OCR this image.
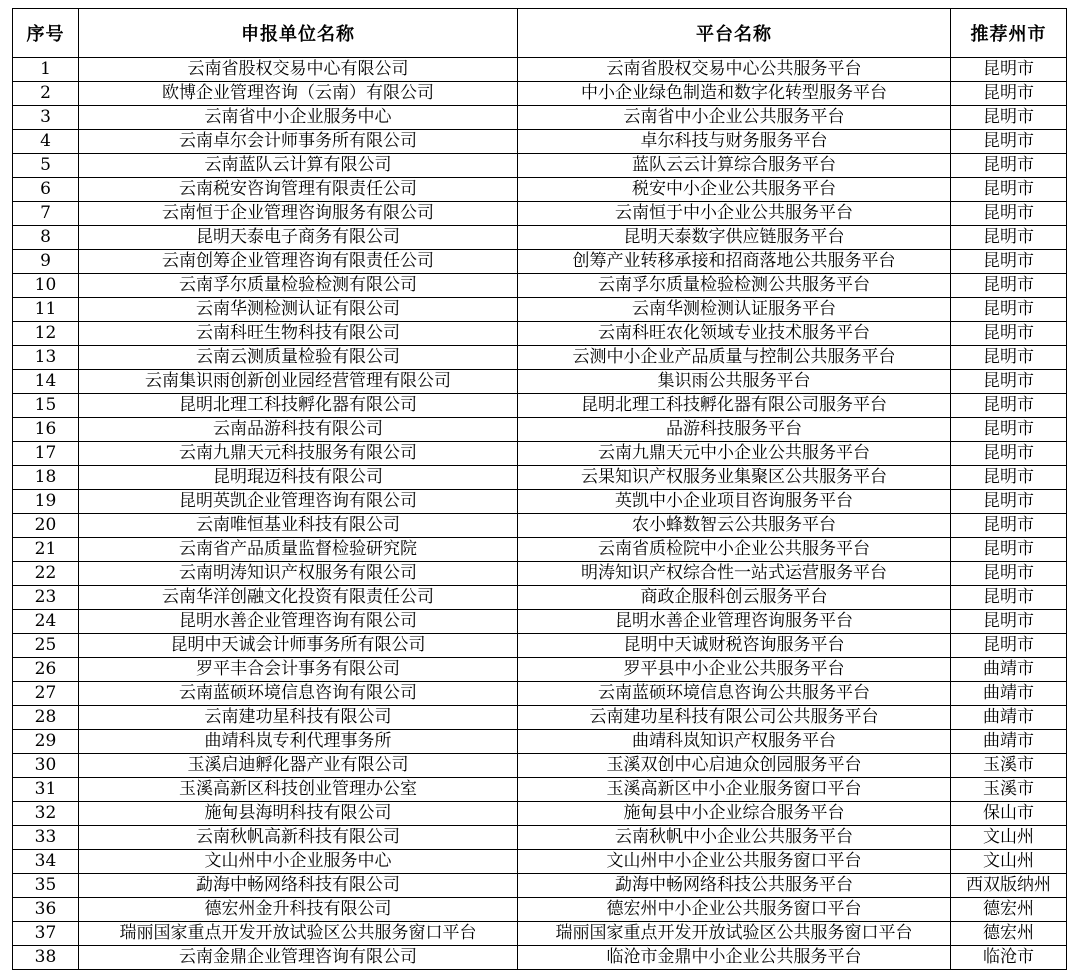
序号	申报单位名称	平台名称	推荐州市
1	云南省股权交易中心有限公司	云南省股权交易中心公共服务平台	昆明市
2	欧博企业管理咨询（云南）有限公司	中小企业绿色制造和数字化转型服务平台	昆明市
3	云南省中小企业服务中心	云南省中小企业公共服务平台	昆明市
4	云南卓尔会计师事务所有限公司	卓尔科技与财务服务平台	昆明市
5	云南蓝队云计算有限公司	蓝队云云计算综合服务平台	昆明市
6	云南税安咨询管理有限责任公司	税安中小企业公共服务平台	昆明市
7	云南恒于企业管理咨询服务有限公司	云南恒于中小企业公共服务平台	昆明市
8	昆明天泰电子商务有限公司	昆明天泰数字供应链服务平台	昆明市
9	云南创筹企业管理咨询有限责任公司	创筹产业转移承接和招商落地公共服务平台	昆明市
10	云南孚尔质量检验检测有限公司	云南孚尔质量检验检测公共服务平台	昆明市
11	云南华测检测认证有限公司	云南华测检测认证服务平台	昆明市
12	云南科旺生物科技有限公司	云南科旺农化领域专业技术服务平台	昆明市
13	云南云测质量检验有限公司	云测中小企业产品质量与控制公共服务平台	昆明市
14	云南集识雨创新创业园经营管理有限公司	集识雨公共服务平台	昆明市
15	昆明北理工科技孵化器有限公司	昆明北理工科技孵化器有限公司服务平台	昆明市
16	云南品游科技有限公司	品游科技服务平台	昆明市
17	云南九鼎天元科技服务有限公司	云南九鼎天元中小企业公共服务平台	昆明市
18	昆明琨迈科技有限公司	云果知识产权服务业集聚区公共服务平台	昆明市
19	昆明英凯企业管理咨询有限公司	英凯中小企业项目咨询服务平台	昆明市
20	云南唯恒基业科技有限公司	农小蜂数智云公共服务平台	昆明市
21	云南省产品质量监督检验研究院	云南省质检院中小企业公共服务平台	昆明市
22	云南明涛知识产权服务有限公司	明涛知识产权综合性一站式运营服务平台	昆明市
23	云南华洋创融文化投资有限责任公司	商政企服科创云服务平台	昆明市
24	昆明水善企业管理咨询有限公司	昆明水善企业管理咨询服务平台	昆明市
25	昆明中天诚会计师事务所有限公司	昆明中天诚财税咨询服务平台	昆明市
26	罗平丰合会计事务有限公司	罗平县中小企业公共服务平台	曲靖市
27	云南蓝硕环境信息咨询有限公司	云南蓝硕环境信息咨询公共服务平台	曲靖市
28	云南建功星科技有限公司	云南建功星科技有限公司公共服务平台	曲靖市
29	曲靖科岚专利代理事务所	曲靖科岚知识产权服务平台	曲靖市
30	玉溪启迪孵化器产业有限公司	玉溪双创中心启迪众创园服务平台	玉溪市
31	玉溪高新区科技创业管理办公室	玉溪高新区中小企业服务窗口平台	玉溪市
32	施甸县海明科技有限公司	施甸县中小企业综合服务平台	保山市
33	云南秋帆高新科技有限公司	云南秋帆中小企业公共服务平台	文山州
34	文山州中小企业服务中心	文山州中小企业公共服务窗口平台	文山州
35	勐海中畅网络科技有限公司	勐海中畅网络科技公共服务平台	西双版纳州
36	德宏州金升科技有限公司	德宏州中小企业公共服务窗口平台	德宏州
37	瑞丽国家重点开发开放试验区公共服务窗口平台	瑞丽国家重点开发开放试验区公共服务窗口平台	德宏州
38	云南金鼎企业管理咨询有限公司	临沧市金鼎中小企业公共服务平台	临沧市
